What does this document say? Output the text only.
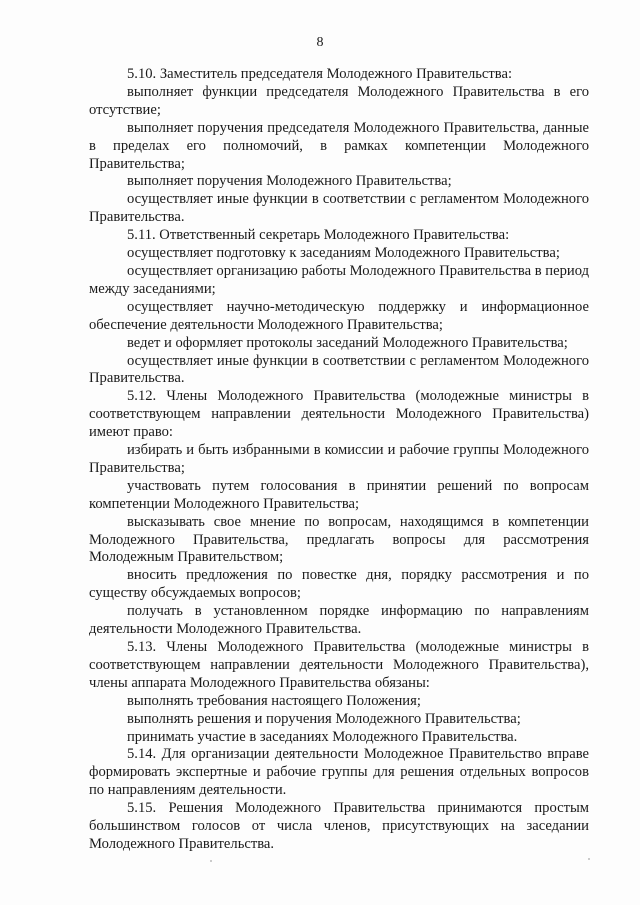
8

5.10. Заместитель председателя Молодежного Правительства:

выполняет функции председателя Молодежного Правительства в его отсутствие;

выполняет поручения председателя Молодежного Правительства, данные в пределах его полномочий, в рамках компетенции Молодежного Правительства;

выполняет поручения Молодежного Правительства;

осуществляет иные функции в соответствии с регламентом Молодежного Правительства.

5.11. Ответственный секретарь Молодежного Правительства:

осуществляет подготовку к заседаниям Молодежного Правительства;

осуществляет организацию работы Молодежного Правительства в период между заседаниями;

осуществляет научно-методическую поддержку и информационное обеспечение деятельности Молодежного Правительства;

ведет и оформляет протоколы заседаний Молодежного Правительства;

осуществляет иные функции в соответствии с регламентом Молодежного Правительства.

5.12. Члены Молодежного Правительства (молодежные министры в соответствующем направлении деятельности Молодежного Правительства) имеют право:

избирать и быть избранными в комиссии и рабочие группы Молодежного Правительства;

участвовать путем голосования в принятии решений по вопросам компетенции Молодежного Правительства;

высказывать свое мнение по вопросам, находящимся в компетенции Молодежного Правительства, предлагать вопросы для рассмотрения Молодежным Правительством;

вносить предложения по повестке дня, порядку рассмотрения и по существу обсуждаемых вопросов;

получать в установленном порядке информацию по направлениям деятельности Молодежного Правительства.

5.13. Члены Молодежного Правительства (молодежные министры в соответствующем направлении деятельности Молодежного Правительства), члены аппарата Молодежного Правительства обязаны:

выполнять требования настоящего Положения;

выполнять решения и поручения Молодежного Правительства;

принимать участие в заседаниях Молодежного Правительства.

5.14. Для организации деятельности Молодежное Правительство вправе формировать экспертные и рабочие группы для решения отдельных вопросов по направлениям деятельности.

5.15. Решения Молодежного Правительства принимаются простым большинством голосов от числа членов, присутствующих на заседании Молодежного Правительства.
